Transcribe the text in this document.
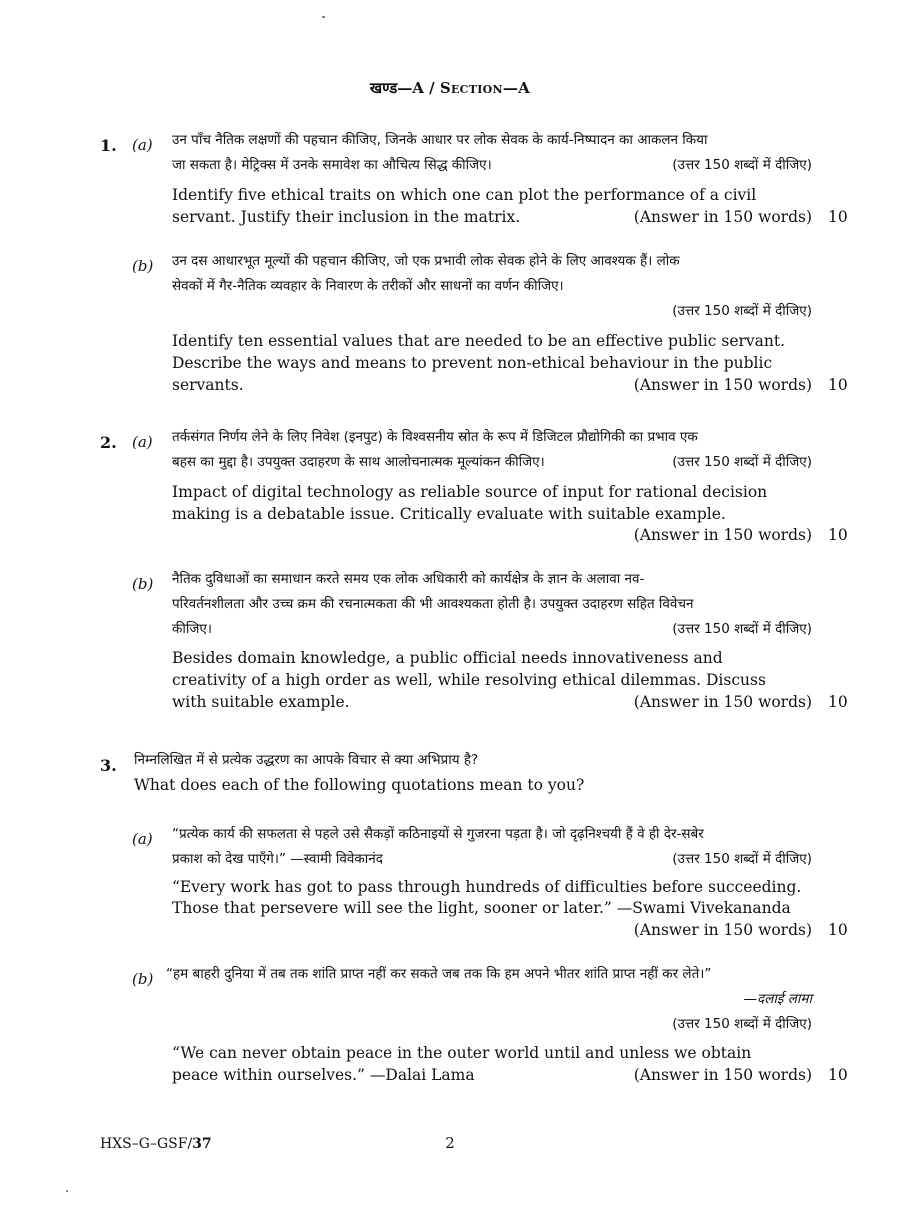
खण्ड—A / Section—A
1. (a) उन पाँच नैतिक लक्षणों की पहचान कीजिए, जिनके आधार पर लोक सेवक के कार्य-निष्पादन का आकलन किया
जा सकता है। मेट्रिक्स में उनके समावेश का औचित्य सिद्ध कीजिए।	(उत्तर 150 शब्दों में दीजिए)
Identify five ethical traits on which one can plot the performance of a civil
servant. Justify their inclusion in the matrix.	(Answer in 150 words) 10
(b) उन दस आधारभूत मूल्यों की पहचान कीजिए, जो एक प्रभावी लोक सेवक होने के लिए आवश्यक हैं। लोक
सेवकों में गैर-नैतिक व्यवहार के निवारण के तरीकों और साधनों का वर्णन कीजिए।
(उत्तर 150 शब्दों में दीजिए)
Identify ten essential values that are needed to be an effective public servant.
Describe the ways and means to prevent non-ethical behaviour in the public
servants.	(Answer in 150 words) 10
2. (a) तर्कसंगत निर्णय लेने के लिए निवेश (इनपुट) के विश्वसनीय स्रोत के रूप में डिजिटल प्रौद्योगिकी का प्रभाव एक
बहस का मुद्दा है। उपयुक्त उदाहरण के साथ आलोचनात्मक मूल्यांकन कीजिए।	(उत्तर 150 शब्दों में दीजिए)
Impact of digital technology as reliable source of input for rational decision
making is a debatable issue. Critically evaluate with suitable example.
(Answer in 150 words) 10
(b) नैतिक दुविधाओं का समाधान करते समय एक लोक अधिकारी को कार्यक्षेत्र के ज्ञान के अलावा नव-
परिवर्तनशीलता और उच्च क्रम की रचनात्मकता की भी आवश्यकता होती है। उपयुक्त उदाहरण सहित विवेचन
कीजिए।	(उत्तर 150 शब्दों में दीजिए)
Besides domain knowledge, a public official needs innovativeness and
creativity of a high order as well, while resolving ethical dilemmas. Discuss
with suitable example.	(Answer in 150 words) 10
3. निम्नलिखित में से प्रत्येक उद्धरण का आपके विचार से क्या अभिप्राय है?
What does each of the following quotations mean to you?
(a) “प्रत्येक कार्य की सफलता से पहले उसे सैकड़ों कठिनाइयों से गुजरना पड़ता है। जो दृढ़निश्चयी हैं वे ही देर-सबेर
प्रकाश को देख पाएँगे।” —स्वामी विवेकानंद	(उत्तर 150 शब्दों में दीजिए)
“Every work has got to pass through hundreds of difficulties before succeeding.
Those that persevere will see the light, sooner or later.” —Swami Vivekananda
(Answer in 150 words) 10
(b) “हम बाहरी दुनिया में तब तक शांति प्राप्त नहीं कर सकते जब तक कि हम अपने भीतर शांति प्राप्त नहीं कर लेते।”
—दलाई लामा
(उत्तर 150 शब्दों में दीजिए)
“We can never obtain peace in the outer world until and unless we obtain
peace within ourselves.” —Dalai Lama	(Answer in 150 words) 10
HXS–G–GSF/37	2
